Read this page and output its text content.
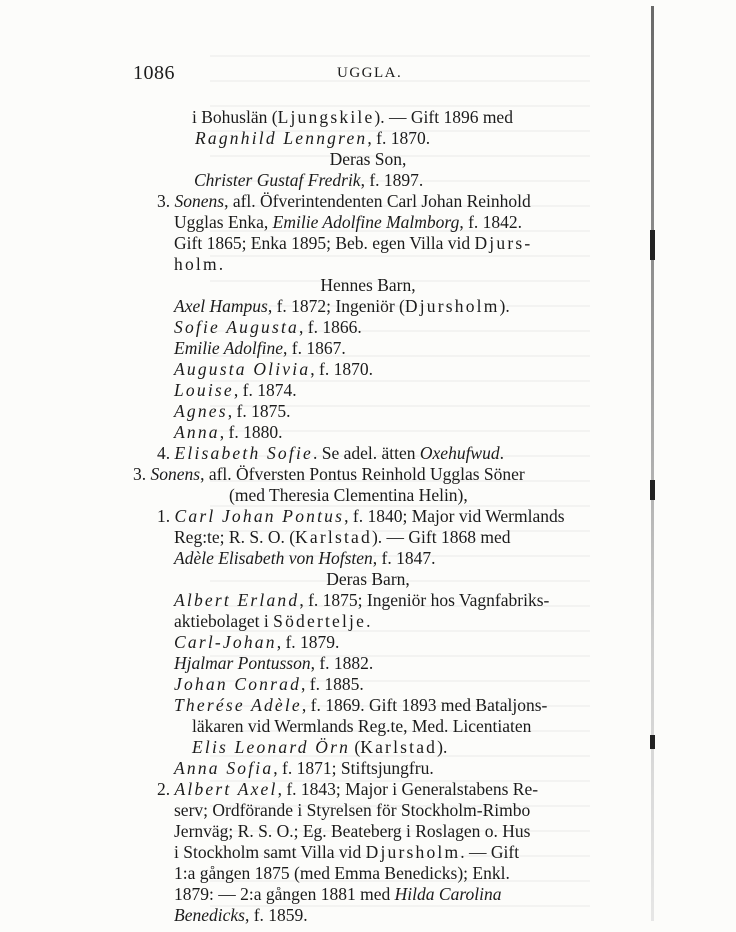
1086	UGGLA.
i Bohuslän (Ljungskile). — Gift 1896 med
Ragnhild Lenngren, f. 1870.
Deras Son,
Christer Gustaf Fredrik, f. 1897.
3. Sonens, afl. Öfverintendenten Carl Johan Reinhold
Ugglas Enka, Emilie Adolfine Malmborg, f. 1842.
Gift 1865; Enka 1895; Beb. egen Villa vid Djurs-
holm.
Hennes Barn,
Axel Hampus, f. 1872; Ingeniör (Djursholm).
Sofie Augusta, f. 1866.
Emilie Adolfine, f. 1867.
Augusta Olivia, f. 1870.
Louise, f. 1874.
Agnes, f. 1875.
Anna, f. 1880.
4. Elisabeth Sofie. Se adel. ätten Oxehufwud.
3. Sonens, afl. Öfversten Pontus Reinhold Ugglas Söner
(med Theresia Clementina Helin),
1. Carl Johan Pontus, f. 1840; Major vid Wermlands
Reg:te; R. S. O. (Karlstad). — Gift 1868 med
Adèle Elisabeth von Hofsten, f. 1847.
Deras Barn,
Albert Erland, f. 1875; Ingeniör hos Vagnfabriks-
aktiebolaget i Södertelje.
Carl-Johan, f. 1879.
Hjalmar Pontusson, f. 1882.
Johan Conrad, f. 1885.
Therése Adèle, f. 1869. Gift 1893 med Bataljons-
läkaren vid Wermlands Reg.te, Med. Licentiaten
Elis Leonard Örn (Karlstad).
Anna Sofia, f. 1871; Stiftsjungfru.
2. Albert Axel, f. 1843; Major i Generalstabens Re-
serv; Ordförande i Styrelsen för Stockholm-Rimbo
Jernväg; R. S. O.; Eg. Beateberg i Roslagen o. Hus
i Stockholm samt Villa vid Djursholm. — Gift
1:a gången 1875 (med Emma Benedicks); Enkl.
1879: — 2:a gången 1881 med Hilda Carolina
Benedicks, f. 1859.
